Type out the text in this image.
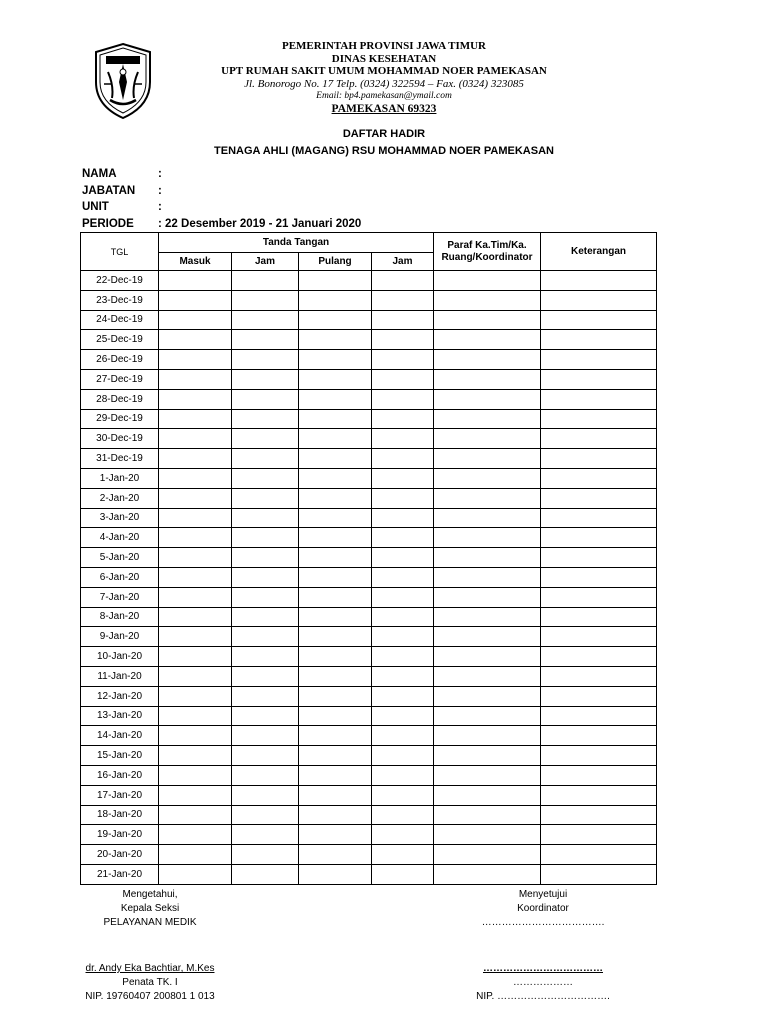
PEMERINTAH PROVINSI JAWA TIMUR
DINAS KESEHATAN
UPT RUMAH SAKIT UMUM MOHAMMAD NOER PAMEKASAN
Jl. Bonorogo No. 17 Telp. (0324) 322594 – Fax. (0324) 323085
Email: bp4.pamekasan@ymail.com
PAMEKASAN 69323
DAFTAR HADIR
TENAGA AHLI (MAGANG) RSU MOHAMMAD NOER PAMEKASAN
NAMA	:
JABATAN	:
UNIT	:
PERIODE	: 22 Desember 2019 - 21 Januari 2020
TGL	Tanda Tangan				Paraf Ka.Tim/Ka. Ruang/Koordinator	Keterangan
	Masuk	Jam	Pulang	Jam		
22-Dec-19						
23-Dec-19						
24-Dec-19						
25-Dec-19						
26-Dec-19						
27-Dec-19						
28-Dec-19						
29-Dec-19						
30-Dec-19						
31-Dec-19						
1-Jan-20						
2-Jan-20						
3-Jan-20						
4-Jan-20						
5-Jan-20						
6-Jan-20						
7-Jan-20						
8-Jan-20						
9-Jan-20						
10-Jan-20						
11-Jan-20						
12-Jan-20						
13-Jan-20						
14-Jan-20						
15-Jan-20						
16-Jan-20						
17-Jan-20						
18-Jan-20						
19-Jan-20						
20-Jan-20						
21-Jan-20						
Mengetahui,
Kepala Seksi
PELAYANAN MEDIK
Menyetujui
Koordinator
……………………………….
dr. Andy Eka Bachtiar, M.Kes
Penata TK. I
NIP. 19760407 200801 1 013
………………………………
………………
NIP. …………………………….
